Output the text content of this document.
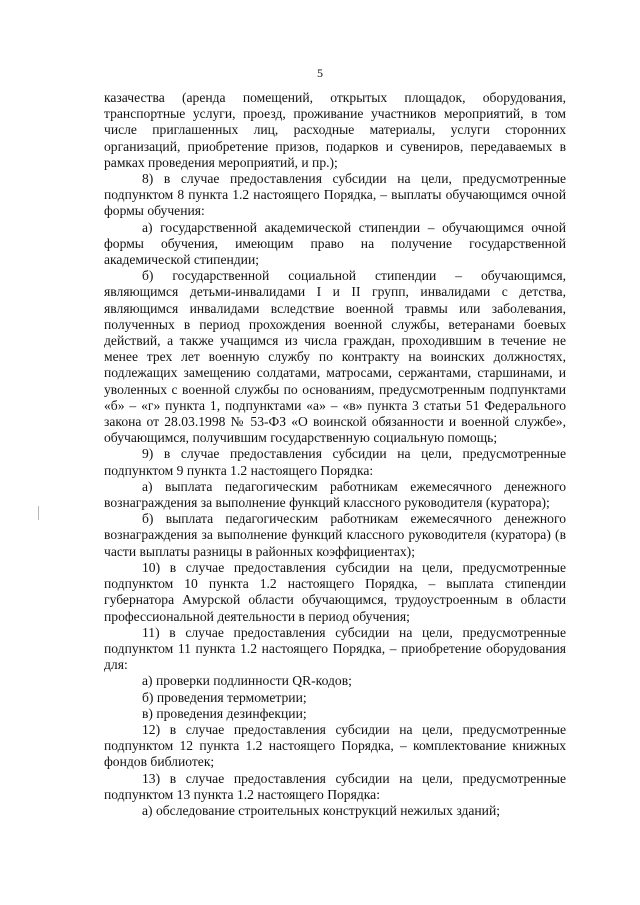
5

казачества (аренда помещений, открытых площадок, оборудования, транспортные услуги, проезд, проживание участников мероприятий, в том числе приглашенных лиц, расходные материалы, услуги сторонних организаций, приобретение призов, подарков и сувениров, передаваемых в рамках проведения мероприятий, и пр.);

8) в случае предоставления субсидии на цели, предусмотренные подпунктом 8 пункта 1.2 настоящего Порядка, – выплаты обучающимся очной формы обучения:

а) государственной академической стипендии – обучающимся очной формы обучения, имеющим право на получение государственной академической стипендии;

б) государственной социальной стипендии – обучающимся, являющимся детьми-инвалидами I и II групп, инвалидами с детства, являющимся инвалидами вследствие военной травмы или заболевания, полученных в период прохождения военной службы, ветеранами боевых действий, а также учащимся из числа граждан, проходившим в течение не менее трех лет военную службу по контракту на воинских должностях, подлежащих замещению солдатами, матросами, сержантами, старшинами, и уволенных с военной службы по основаниям, предусмотренным подпунктами «б» – «г» пункта 1, подпунктами «а» – «в» пункта 3 статьи 51 Федерального закона от 28.03.1998 № 53-ФЗ «О воинской обязанности и военной службе», обучающимся, получившим государственную социальную помощь;

9) в случае предоставления субсидии на цели, предусмотренные подпунктом 9 пункта 1.2 настоящего Порядка:

а) выплата педагогическим работникам ежемесячного денежного вознаграждения за выполнение функций классного руководителя (куратора);

б) выплата педагогическим работникам ежемесячного денежного вознаграждения за выполнение функций классного руководителя (куратора) (в части выплаты разницы в районных коэффициентах);

10) в случае предоставления субсидии на цели, предусмотренные подпунктом 10 пункта 1.2 настоящего Порядка, – выплата стипендии губернатора Амурской области обучающимся, трудоустроенным в области профессиональной деятельности в период обучения;

11) в случае предоставления субсидии на цели, предусмотренные подпунктом 11 пункта 1.2 настоящего Порядка, – приобретение оборудования для:

а) проверки подлинности QR-кодов;

б) проведения термометрии;

в) проведения дезинфекции;

12) в случае предоставления субсидии на цели, предусмотренные подпунктом 12 пункта 1.2 настоящего Порядка, – комплектование книжных фондов библиотек;

13) в случае предоставления субсидии на цели, предусмотренные подпунктом 13 пункта 1.2 настоящего Порядка:

а) обследование строительных конструкций нежилых зданий;
